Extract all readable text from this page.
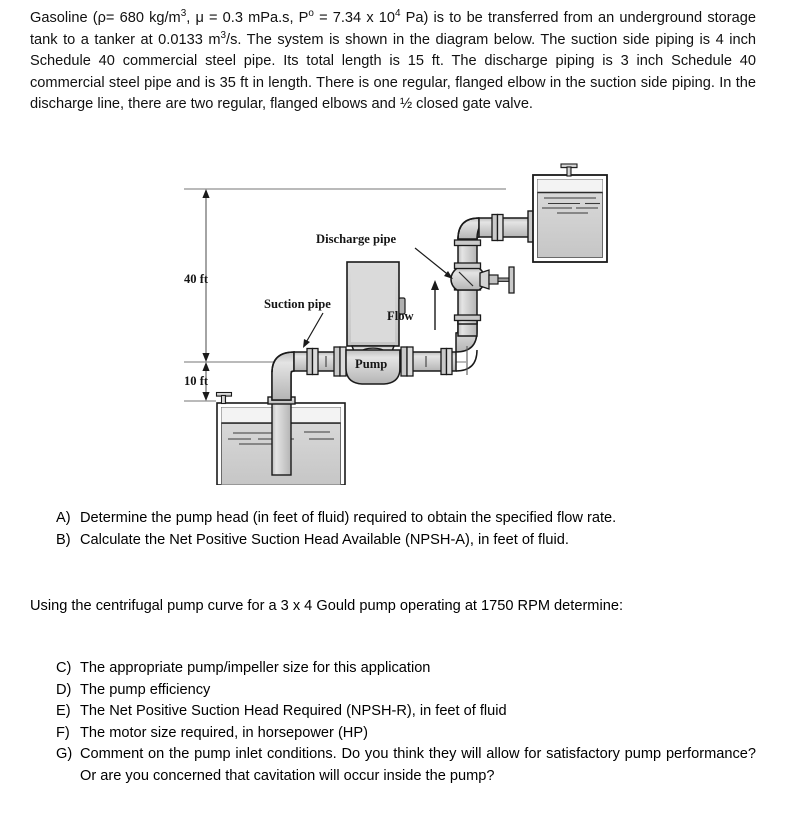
Gasoline (ρ= 680 $kg/m^3$, μ = 0.3 mPa.s, $P^o = 7.34$ x $10^4$ Pa) is to be transferred from an underground storage tank to a tanker at 0.0133 $m^3/s$. The system is shown in the diagram below. The suction side piping is 4 inch Schedule 40 commercial steel pipe. Its total length is 15 ft. The discharge piping is 3 inch Schedule 40 commercial steel pipe and is 35 ft in length. There is one regular, flanged elbow in the suction side piping. In the discharge line, there are two regular, flanged elbows and ½ closed gate valve.
40 ft
10 ft
Pump
Discharge pipe
Suction pipe
Flow
A) Determine the pump head (in feet of fluid) required to obtain the specified flow rate.
B) Calculate the Net Positive Suction Head Available (NPSH-A), in feet of fluid.
Using the centrifugal pump curve for a 3 x 4 Gould pump operating at 1750 RPM determine:
C) The appropriate pump/impeller size for this application
D) The pump efficiency
E) The Net Positive Suction Head Required (NPSH-R), in feet of fluid
F) The motor size required, in horsepower (HP)
G) Comment on the pump inlet conditions. Do you think they will allow for satisfactory pump performance? Or are you concerned that cavitation will occur inside the pump?
